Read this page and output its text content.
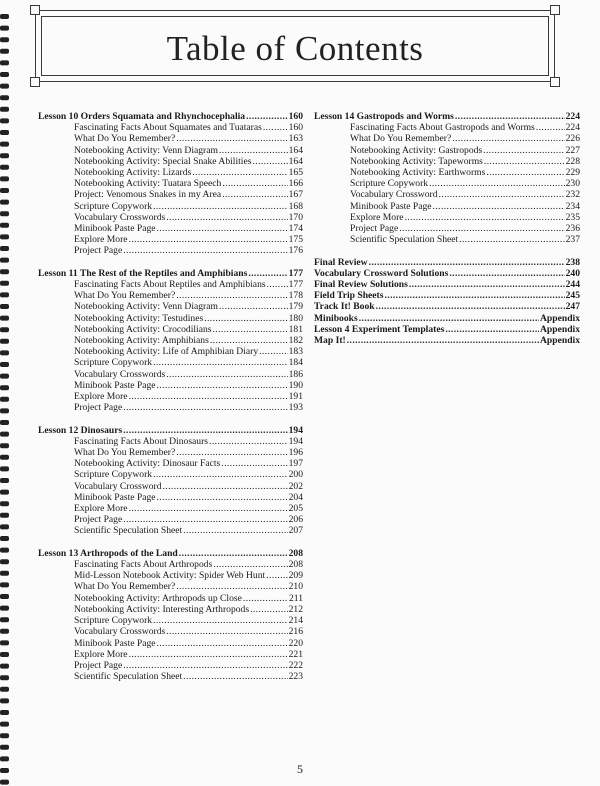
Table of Contents
Lesson 10 Orders Squamata and Rhynchocephalia .....	160
Fascinating Facts About Squamates and Tuataras .....	160
What Do You Remember? .....	163
Notebooking Activity: Venn Diagram .....	164
Notebooking Activity: Special Snake Abilities .....	164
Notebooking Activity: Lizards .....	165
Notebooking Activity: Tuatara Speech .....	166
Project: Venomous Snakes in my Area .....	167
Scripture Copywork .....	168
Vocabulary Crosswords .....	170
Minibook Paste Page .....	174
Explore More .....	175
Project Page .....	176
Lesson 11 The Rest of the Reptiles and Amphibians .....	177
Fascinating Facts About Reptiles and Amphibians ..... 177
What Do You Remember? .....	178
Notebooking Activity: Venn Diagram .....	179
Notebooking Activity: Testudines .....	180
Notebooking Activity: Crocodilians .....	181
Notebooking Activity: Amphibians .....	182
Notebooking Activity: Life of Amphibian Diary .....	183
Scripture Copywork .....	184
Vocabulary Crosswords .....	186
Minibook Paste Page .....	190
Explore More .....	191
Project Page .....	193
Lesson 12 Dinosaurs .....	194
Fascinating Facts About Dinosaurs .....	194
What Do You Remember? .....	196
Notebooking Activity: Dinosaur Facts .....	197
Scripture Copywork .....	200
Vocabulary Crossword .....	202
Minibook Paste Page .....	204
Explore More .....	205
Project Page .....	206
Scientific Speculation Sheet .....	207
Lesson 13 Arthropods of the Land .....	208
Fascinating Facts About Arthropods .....	208
Mid-Lesson Notebook Activity: Spider Web Hunt ..... 209
What Do You Remember? .....	210
Notebooking Activity: Arthropods up Close .....	211
Notebooking Activity: Interesting Arthropods .....	212
Scripture Copywork .....	214
Vocabulary Crosswords .....	216
Minibook Paste Page .....	220
Explore More .....	221
Project Page .....	222
Scientific Speculation Sheet .....	223
Lesson 14 Gastropods and Worms .....	224
Fascinating Facts About Gastropods and Worms .....	224
What Do You Remember? .....	226
Notebooking Activity: Gastropods .....	227
Notebooking Activity: Tapeworms .....	228
Notebooking Activity: Earthworms .....	229
Scripture Copywork .....	230
Vocabulary Crossword .....	232
Minibook Paste Page .....	234
Explore More .....	235
Project Page .....	236
Scientific Speculation Sheet .....	237
Final Review .....	238
Vocabulary Crossword Solutions .....	240
Final Review Solutions .....	244
Field Trip Sheets .....	245
Track It! Book .....	247
Minibooks .....	Appendix
Lesson 4 Experiment Templates .....	Appendix
Map It! .....	Appendix
5
